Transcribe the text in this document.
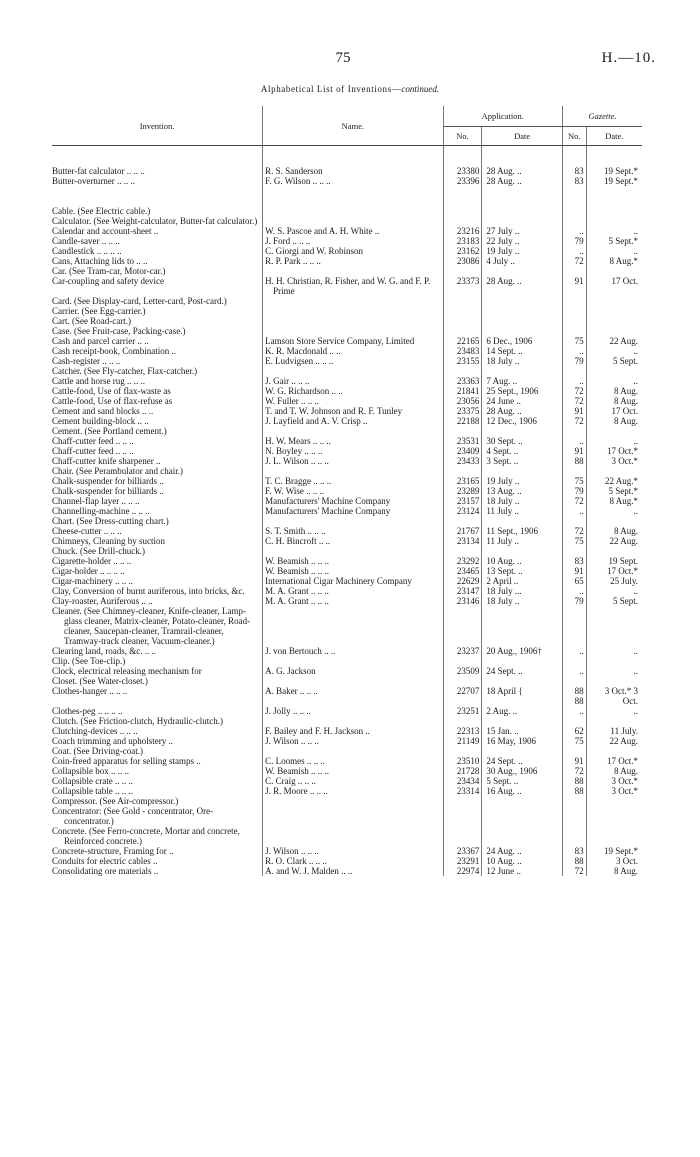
75	H.—10.
Alphabetical List of Inventions—continued.
Invention.	Name.	Application.		Gazette.	
		No.	Date	No.	Date.

Butter-fat calculator .. .. ..	R. S. Sanderson	23380	28 Aug. ..	83	19 Sept.*

Butter-overturner .. .. ..	F. G. Wilson .. .. ..	23396	28 Aug. ..	83	19 Sept.*

Cable. (See Electric cable.)					

Calculator. (See Weight-calculator, Butter-fat calculator.)					

Calendar and account-sheet ..	W. S. Pascoe and A. H. White ..	23216	27 July ..	..	..

Candle-saver .. .. ..	J. Ford .. .. ..	23183	22 July ..	79	5 Sept.*

Candlestick .. .. .. ..	C. Giorgi and W. Robinson	23162	19 July ..	..	..

Cans, Attaching lids to .. ..	R. P. Park .. .. ..	23086	4 July ..	72	8 Aug.*

Car. (See Tram-car, Motor-car.)					

Car-coupling and safety device	H. H. Christian, R. Fisher, and W. G. and F. P. Prime	23373	28 Aug. ..	91	17 Oct.

Card. (See Display-card, Letter-card, Post-card.)					

Carrier. (See Egg-carrier.)					

Cart. (See Road-cart.)					

Case. (See Fruit-case, Packing-case.)					

Cash and parcel carrier .. ..	Lamson Store Service Company, Limited	22165	6 Dec., 1906	75	22 Aug.

Cash receipt-book, Combination ..	K. R. Macdonald .. ..	23483	14 Sept. ..	..	..

Cash-register .. .. ..	E. Ludvigsen .. .. ..	23155	18 July ..	79	5 Sept.

Catcher. (See Fly-catcher, Flax-catcher.)					

Cattle and horse rug .. .. ..	J. Gair .. .. ..	23363	7 Aug. ..	..	..

Cattle-food, Use of flax-waste as	W. G. Richardson .. ..	21841	25 Sept., 1906	72	8 Aug.

Cattle-food, Use of flax-refuse as	W. Fuller .. .. ..	23056	24 June ..	72	8 Aug.

Cement and sand blocks .. ..	T. and T. W. Johnson and R. F. Tunley	23375	28 Aug. ..	91	17 Oct.

Cement building-block .. ..	J. Layfield and A. V. Crisp ..	22188	12 Dec., 1906	72	8 Aug.

Cement. (See Portland cement.)					

Chaff-cutter feed .. .. ..	H. W. Mears .. .. ..	23531	30 Sept. ..	..	..

Chaff-cutter feed .. .. ..	N. Boyley .. .. ..	23409	4 Sept. ..	91	17 Oct.*

Chaff-cutter knife sharpener ..	J. L. Wilson .. .. ..	23433	3 Sept. ..	88	3 Oct.*

Chair. (See Perambulator and chair.)					

Chalk-suspender for billiards ..	T. C. Bragge .. .. ..	23165	19 July ..	75	22 Aug.*

Chalk-suspender for billiards ..	F. W. Wise .. .. ..	23289	13 Aug. ..	79	5 Sept.*

Channel-flap layer .. .. ..	Manufacturers' Machine Company	23157	18 July ..	72	8 Aug.*

Channelling-machine .. .. ..	Manufacturers' Machine Company	23124	11 July ..	..	..

Chart. (See Dress-cutting chart.)					

Cheese-cutter .. .. ..	S. T. Smith .. .. ..	21767	11 Sept., 1906	72	8 Aug.

Chimneys, Cleaning by suction	C. H. Bincroft .. ..	23134	11 July ..	75	22 Aug.

Chuck. (See Drill-chuck.)					

Cigarette-holder .. .. ..	W. Beamish .. .. ..	23292	10 Aug. ..	83	19 Sept.

Cigar-holder .. .. .. ..	W. Beamish .. .. ..	23465	13 Sept. ..	91	17 Oct.*

Cigar-machinery .. .. ..	International Cigar Machinery Company	22629	2 April ..	65	25 July.

Clay, Conversion of burnt auriferous, into bricks, &c.	M. A. Grant .. .. ..	23147	18 July ...	..	..

Clay-roaster, Auriferous .. ..	M. A. Grant .. .. ..	23146	18 July ..	79	5 Sept.

Cleaner. (See Chimney-cleaner, Knife-cleaner, Lamp-glass cleaner, Matrix-cleaner, Potato-cleaner, Road-cleaner, Saucepan-cleaner, Tramrail-cleaner, Tramway-track cleaner, Vacuum-cleaner.)					

Clearing land, roads, &c. .. ..	J. von Bertouch .. ..	23237	20 Aug., 1906†	..	..

Clip. (See Toe-clip.)					

Clock, electrical releasing mechanism for	A. G. Jackson	23509	24 Sept. ..	..	..

Closet. (See Water-closet.)					

Clothes-hanger .. .. ..	A. Baker .. .. ..	22707	18 April {	88 88	3 Oct.* 3 Oct.

Clothes-peg .. .. .. ..	J. Jolly .. .. ..	23251	2 Aug. ..	..	..

Clutch. (See Friction-clutch, Hydraulic-clutch.)					

Clutching-devices .. .. ..	F. Bailey and F. H. Jackson ..	22313	15 Jan. ..	62	11 July.

Coach trimming and upholstery ..	J. Wilson .. .. ..	21149	16 May, 1906	75	22 Aug.

Coat. (See Driving-coat.)					

Coin-freed apparatus for selling stamps ..	C. Loomes .. .. ..	23510	24 Sept. ..	91	17 Oct.*

Collapsible box .. .. ..	W. Beamish .. .. ..	21728	30 Aug., 1906	72	8 Aug.

Collapsible crate .. .. ..	C. Craig .. .. ..	23434	5 Sept. ..	88	3 Oct.*

Collapsible table .. .. ..	J. R. Moore .. .. ..	23314	16 Aug. ..	88	3 Oct.*

Compressor. (See Air-compressor.)					

Concentrator: (See Gold - concentrator, Ore-concentrator.)					

Concrete. (See Ferro-concrete, Mortar and concrete, Reinforced concrete.)					

Concrete-structure, Framing for ..	J. Wilson .. .. ..	23367	24 Aug. ..	83	19 Sept.*

Conduits for electric cables ..	R. O. Clark .. .. ..	23291	10 Aug. ..	88	3 Oct.

Consolidating ore materials ..	A. and W. J. Malden .. ..	22974	12 June ..	72	8 Aug.
